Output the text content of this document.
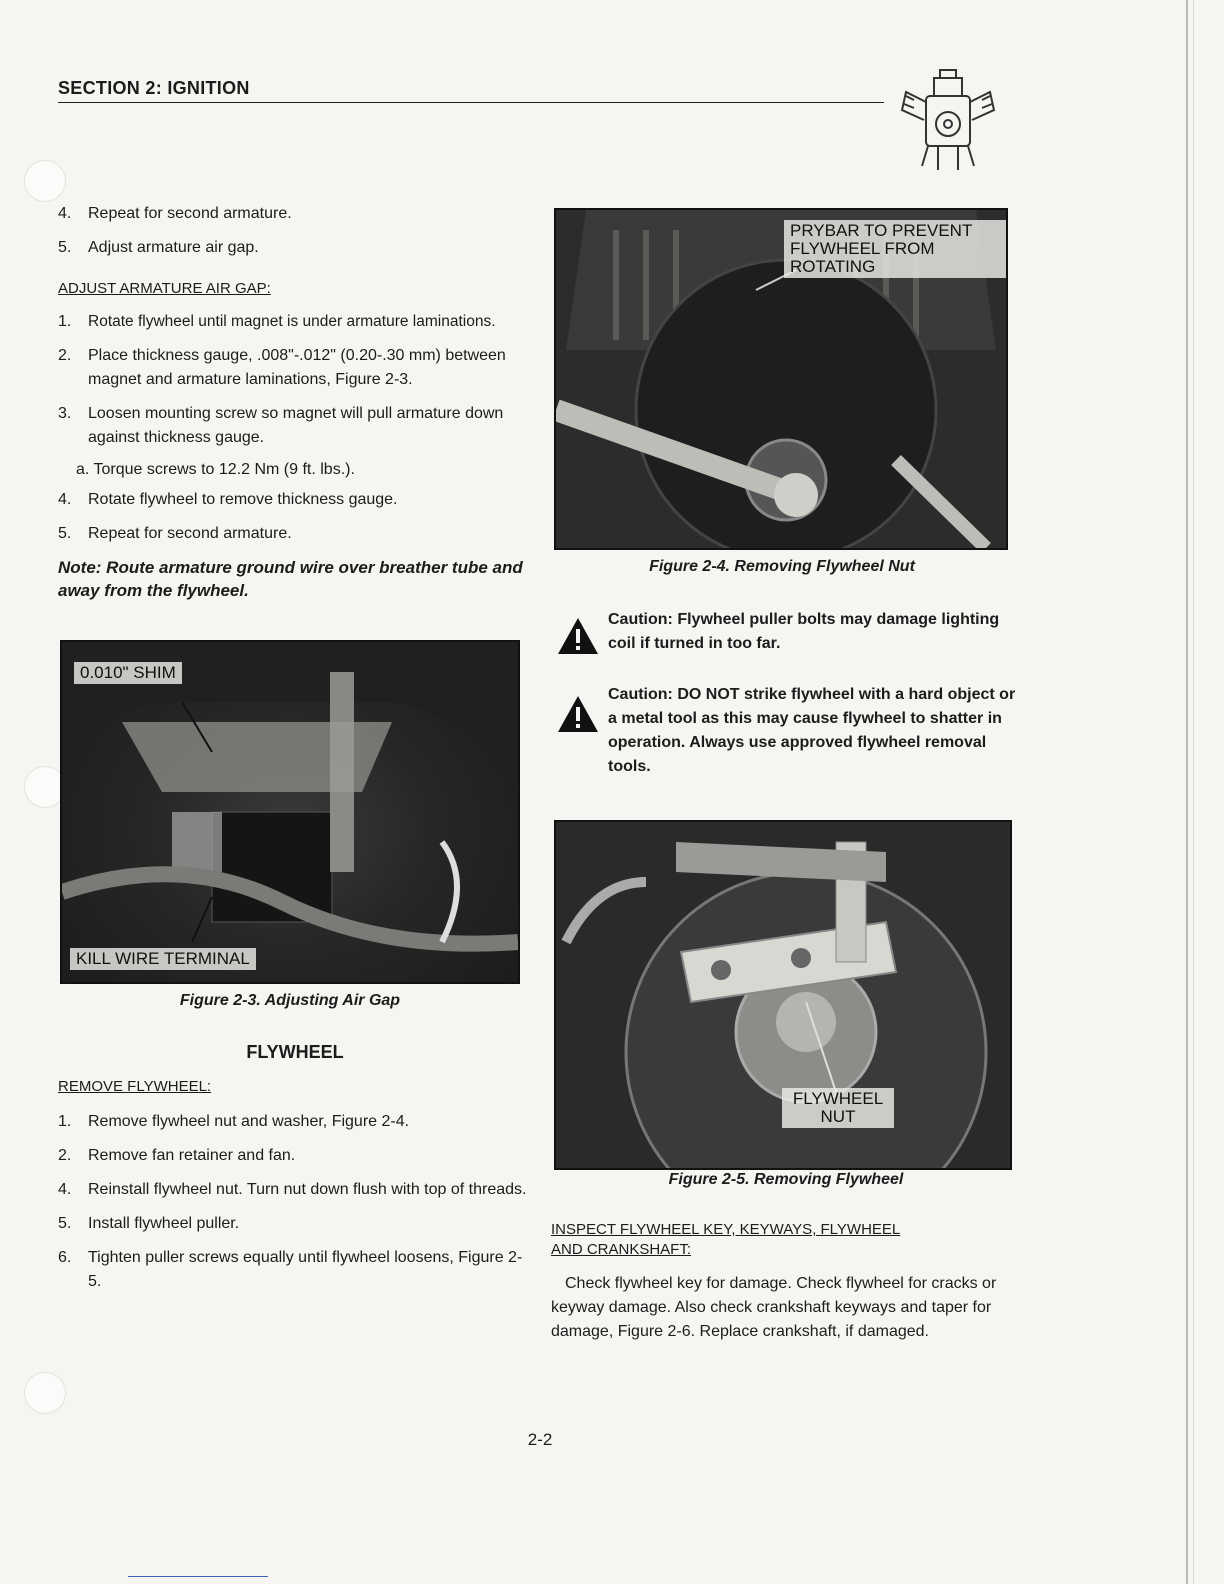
SECTION 2: IGNITION
4.	Repeat for second armature.
5.	Adjust armature air gap.
ADJUST ARMATURE AIR GAP:
1.	Rotate flywheel until magnet is under armature laminations.
2.	Place thickness gauge, .008"-.012" (0.20-.30 mm) between magnet and armature laminations, Figure 2-3.
3.	Loosen mounting screw so magnet will pull armature down against thickness gauge.
a. Torque screws to 12.2 Nm (9 ft. lbs.).
4.	Rotate flywheel to remove thickness gauge.
5.	Repeat for second armature.
Note: Route armature ground wire over breather tube and away from the flywheel.
0.010" SHIM
KILL WIRE TERMINAL
Figure 2-3. Adjusting Air Gap
FLYWHEEL
REMOVE FLYWHEEL:
1.	Remove flywheel nut and washer, Figure 2-4.
2.	Remove fan retainer and fan.
4.	Reinstall flywheel nut. Turn nut down flush with top of threads.
5.	Install flywheel puller.
6.	Tighten puller screws equally until flywheel loosens, Figure 2-5.
PRYBAR TO PREVENT FLYWHEEL FROM ROTATING
Figure 2-4. Removing Flywheel Nut
Caution: Flywheel puller bolts may damage lighting coil if turned in too far.
Caution: DO NOT strike flywheel with a hard object or a metal tool as this may cause flywheel to shatter in operation. Always use approved flywheel removal tools.
FLYWHEEL NUT
Figure 2-5. Removing Flywheel
INSPECT FLYWHEEL KEY, KEYWAYS, FLYWHEEL AND CRANKSHAFT:
Check flywheel key for damage. Check flywheel for cracks or keyway damage. Also check crankshaft keyways and taper for damage, Figure 2-6. Replace crankshaft, if damaged.
2-2
